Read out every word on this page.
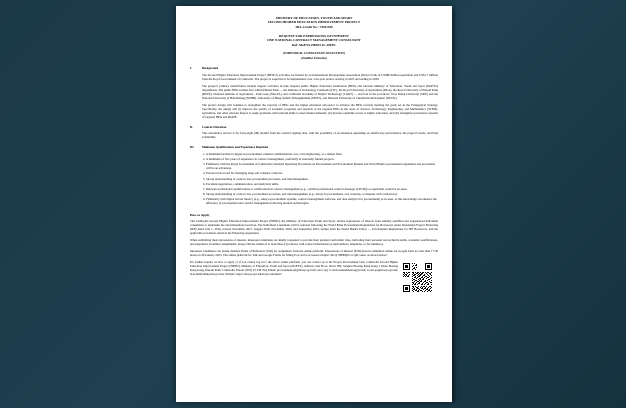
MINISTRY OF EDUCATION, YOUTH AND SPORT
SECOND HIGHER EDUCATION IMPROVEMENT PROJECT
IDA-Credit No.: 7436-KH
REQUEST FOR EXPRESSIONS OF INTEREST
ONE NATIONAL CONTRACT MANAGEMENT CONSULTANT
Ref: MoEYS-HEIP2-IC-02IPC
(INDIVIDUAL CONSULTANT SELECTION)
(Deadline Extension)
I.	Background

The Second Higher Education Improvement Project (HEIP-2) activities are funded by an International Development Association (IDA) Credit of US$80 million equivalent and US$1.7 million from the Royal Government of Cambodia. The project is expected to be implemented over a six-year period, starting in 2025 and ending in 2030.

The project's primary beneficiaries include support activities in nine targeted public Higher Education Institutions (HEIs) and relevant Ministry of Education, Youth and Sport (MoEYS) departments. The public HEIs include five within Phnom Penh — the Institute of Technology Cambodia (ITC), the Royal University of Agriculture (RUA), the Royal University of Phnom Penh (RUPP), National Institute of Agriculture - Prek Leap (NIA-PL), and Cambodia Academy of Digital Technology (CADT) — and four in the provinces: Svay Rieng University (SRU) and the National University of Battambang (NUBB), University of Heng Samrin Thbongkhmum (UHST), and National University of Cheasim Kamchaymear (NUCK).

The project design will continue to strengthen the capacity of HEIs and the higher education sub-sector to advance the HEIs towards meeting the goals set in the Pedagogical Strategy. Specifically, the design will (i) improve the quality of academic programs and research at the targeted HEIs in the areas of Science, Technology, Engineering, and Mathematics (STEM), agriculture, and other relevant majors to equip graduates with relevant skills to meet market demands; (ii) increase equitable access to higher education; and (iii) strengthen governance systems of targeted HEIs and DGHE.

II.	Contract Duration

The consultancy service is for forty-eight (48) months from the contract signing date, with the possibility of an extension depending on satisfactory performance, the project's needs, and fund availability.

III.	Minimum Qualifications and Experience Required
1. A minimum bachelor's degree in procurement, business administration, law, civil engineering, or a related field.
2. A minimum of five years of experience in contract management, preferably in externally funded projects.
3. Familiarity with the Royal Government of Cambodia's Standard Operating Procedures on Procurement and Procurement Manual and World Bank's procurement regulations and procedures will be an advantage.
4. Proven track record for managing large and complex contracts.
5. Strong understanding of contract law, procurement processes, and risk management.
6. Excellent negotiation, communication, and analytical skills.
7. Relevant professional qualifications or certifications in contract management (e.g., certified professional contract manager (CPCM)) or equivalent would be an asset.
8. Strong understanding of contract law, procurement processes, and risk management (e.g., delays in procurement, cost overruns, or disputes with contractors).
9. Familiarity with digital and AI literacy (e.g., using e-procurement systems, contract management software, and data analytics for procurement) is an asset, as this knowledge can enhance the efficiency of procurement and contract management following modern technologies.
How to Apply

The Cambodia Second Higher Education Improvement Project (HEIP2), the Ministry of Education Youth and Sport, invites expressions of interest from suitably qualified and experienced individual consultants to undertake the abovementioned services. The Individual Consultant will be selected following the World Bank Procurement Regulations for Borrowers under Investment Project Financing (IPF) dated July 1, 2016, revised November 2017, August 2018, November 2020, and September 2023, setting forth the World Bank's Policy — Procurement Regulations for IPF Borrowers, and the applicable provisions stated in the Financing Agreement.

When submitting their expressions of interest, interested candidates are kindly requested to provide their updated curriculum vitae, indicating their personal and technical skills, academic qualifications, and experience in similar assignments, along with the names of at least three (3) referees with contact information (e-mail address, telephone, or fax numbers).

Interested candidates can obtain detailed Terms of Reference (ToR) for assignment from the online platform. Expressions of Interest (EOI) must be submitted online via Google form no later than 17:30 hours on 26 January 2025. The online platform for ToR and Google Forms for filling EoI can be accessed at https://bit.ly/3PH0hjN or QR codes, as shown below:

For further inquiry on how to apply or if you cannot log in to the above online platform, you can contact us at the Project Procurement Unit, Cambodia Second Higher Education Improvement Project (HEIP2), Ministry of Education, Youth and Sport (MoEYS), Address: 2nd Floor, Street 380, Sangkat Boeung Keng Kang I, Khan Boeung Keng Kang, Phnom Penh, Cambodia. Phone: (855) 23 238 254; Email: procurement.ipf@moeys.gov.kh; and copy to mok.sokunthheara@gov.kh; va.sdt.pu@moeys.gov.kh; leon.nimbolthhearen.gov.kh; Website: https://moeys.gov.kh/en/procurement/
